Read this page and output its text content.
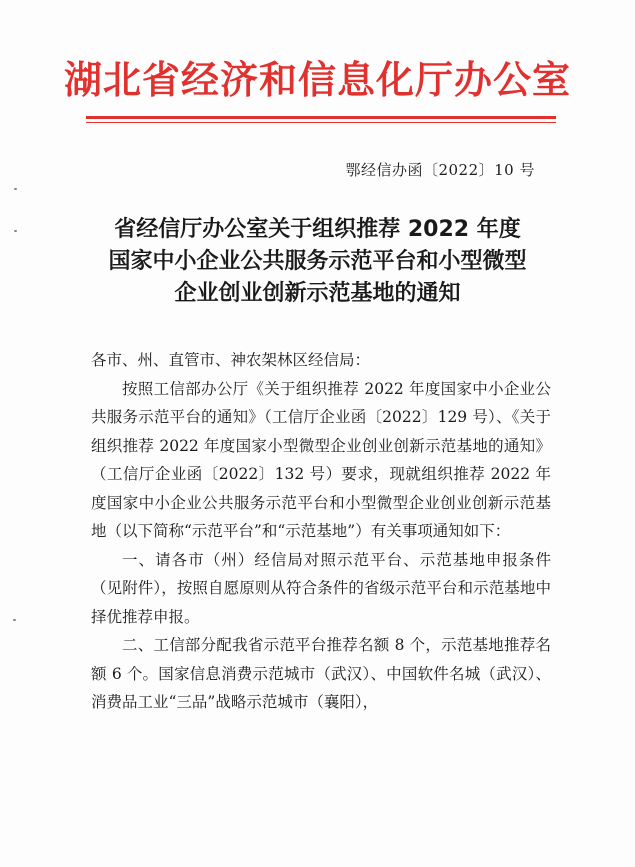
湖北省经济和信息化厅办公室
鄂经信办函〔2022〕10 号
省经信厅办公室关于组织推荐 2022 年度
国家中小企业公共服务示范平台和小型微型
企业创业创新示范基地的通知

各市、州、直管市、神农架林区经信局：

按照工信部办公厅《关于组织推荐 2022 年度国家中小企业公共服务示范平台的通知》（工信厅企业函〔2022〕129 号）、《关于组织推荐 2022 年度国家小型微型企业创业创新示范基地的通知》（工信厅企业函〔2022〕132 号）要求，现就组织推荐 2022 年度国家中小企业公共服务示范平台和小型微型企业创业创新示范基地（以下简称“示范平台”和“示范基地”）有关事项通知如下：

一、请各市（州）经信局对照示范平台、示范基地申报条件（见附件），按照自愿原则从符合条件的省级示范平台和示范基地中择优推荐申报。

二、工信部分配我省示范平台推荐名额 8 个，示范基地推荐名额 6 个。国家信息消费示范城市（武汉）、中国软件名城（武汉）、消费品工业“三品”战略示范城市（襄阳），
